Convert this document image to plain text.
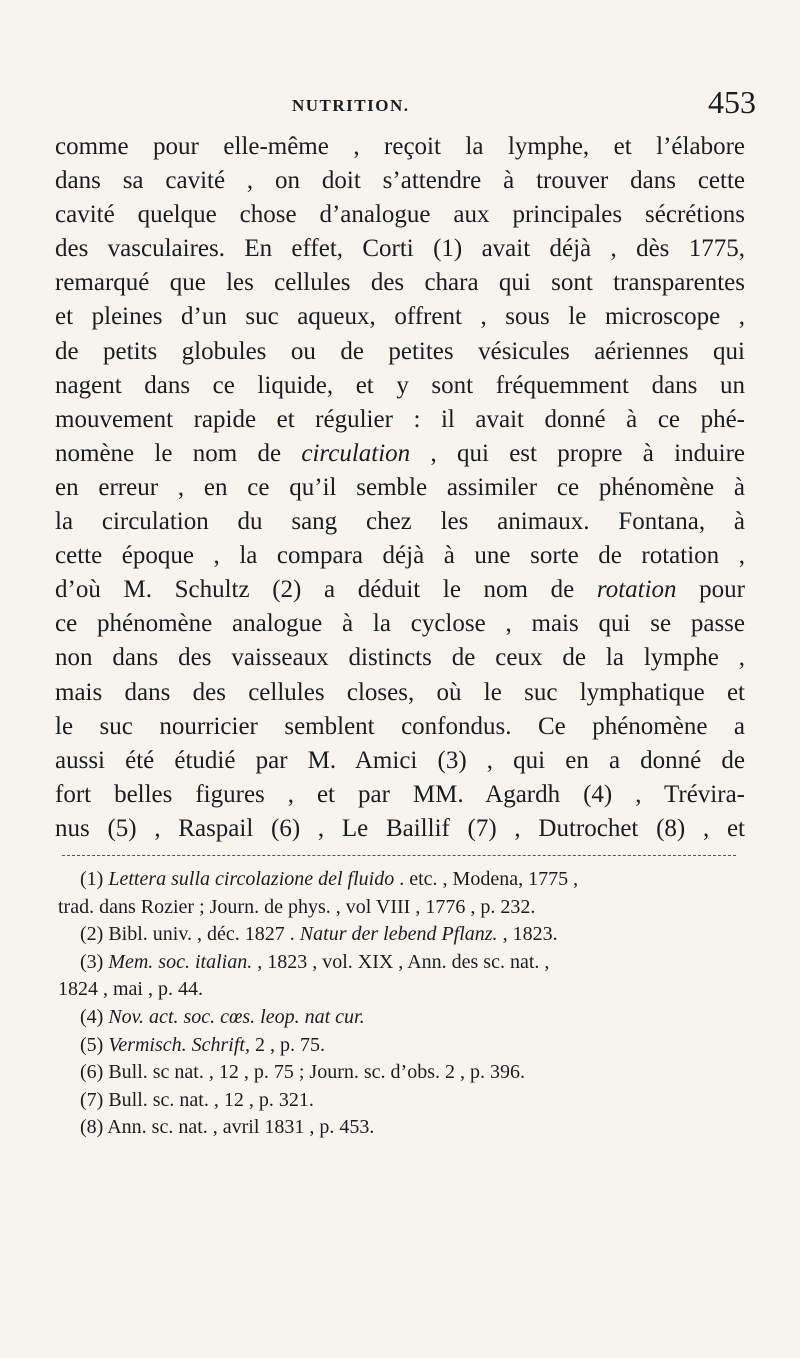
NUTRITION.	453
comme pour elle-même , reçoit la lymphe, et l’élabore
dans sa cavité , on doit s’attendre à trouver dans cette
cavité quelque chose d’analogue aux principales sécrétions
des vasculaires. En effet, Corti (1) avait déjà , dès 1775,
remarqué que les cellules des chara qui sont transparentes
et pleines d’un suc aqueux, offrent , sous le microscope ,
de petits globules ou de petites vésicules aériennes qui
nagent dans ce liquide, et y sont fréquemment dans un
mouvement rapide et régulier : il avait donné à ce phé-
nomène le nom de circulation , qui est propre à induire
en erreur , en ce qu’il semble assimiler ce phénomène à
la circulation du sang chez les animaux. Fontana, à
cette époque , la compara déjà à une sorte de rotation ,
d’où M. Schultz (2) a déduit le nom de rotation pour
ce phénomène analogue à la cyclose , mais qui se passe
non dans des vaisseaux distincts de ceux de la lymphe ,
mais dans des cellules closes, où le suc lymphatique et
le suc nourricier semblent confondus. Ce phénomène a
aussi été étudié par M. Amici (3) , qui en a donné de
fort belles figures , et par MM. Agardh (4) , Trévira-
nus (5) , Raspail (6) , Le Baillif (7) , Dutrochet (8) , et
(1) Lettera sulla circolazione del fluido . etc. , Modena, 1775 ,
trad. dans Rozier ; Journ. de phys. , vol VIII , 1776 , p. 232.
(2) Bibl. univ. , déc. 1827 . Natur der lebend Pflanz. , 1823.
(3) Mem. soc. italian. , 1823 , vol. XIX , Ann. des sc. nat. ,
1824 , mai , p. 44.
(4) Nov. act. soc. cœs. leop. nat cur.
(5) Vermisch. Schrift, 2 , p. 75.
(6) Bull. sc nat. , 12 , p. 75 ; Journ. sc. d’obs. 2 , p. 396.
(7) Bull. sc. nat. , 12 , p. 321.
(8) Ann. sc. nat. , avril 1831 , p. 453.
